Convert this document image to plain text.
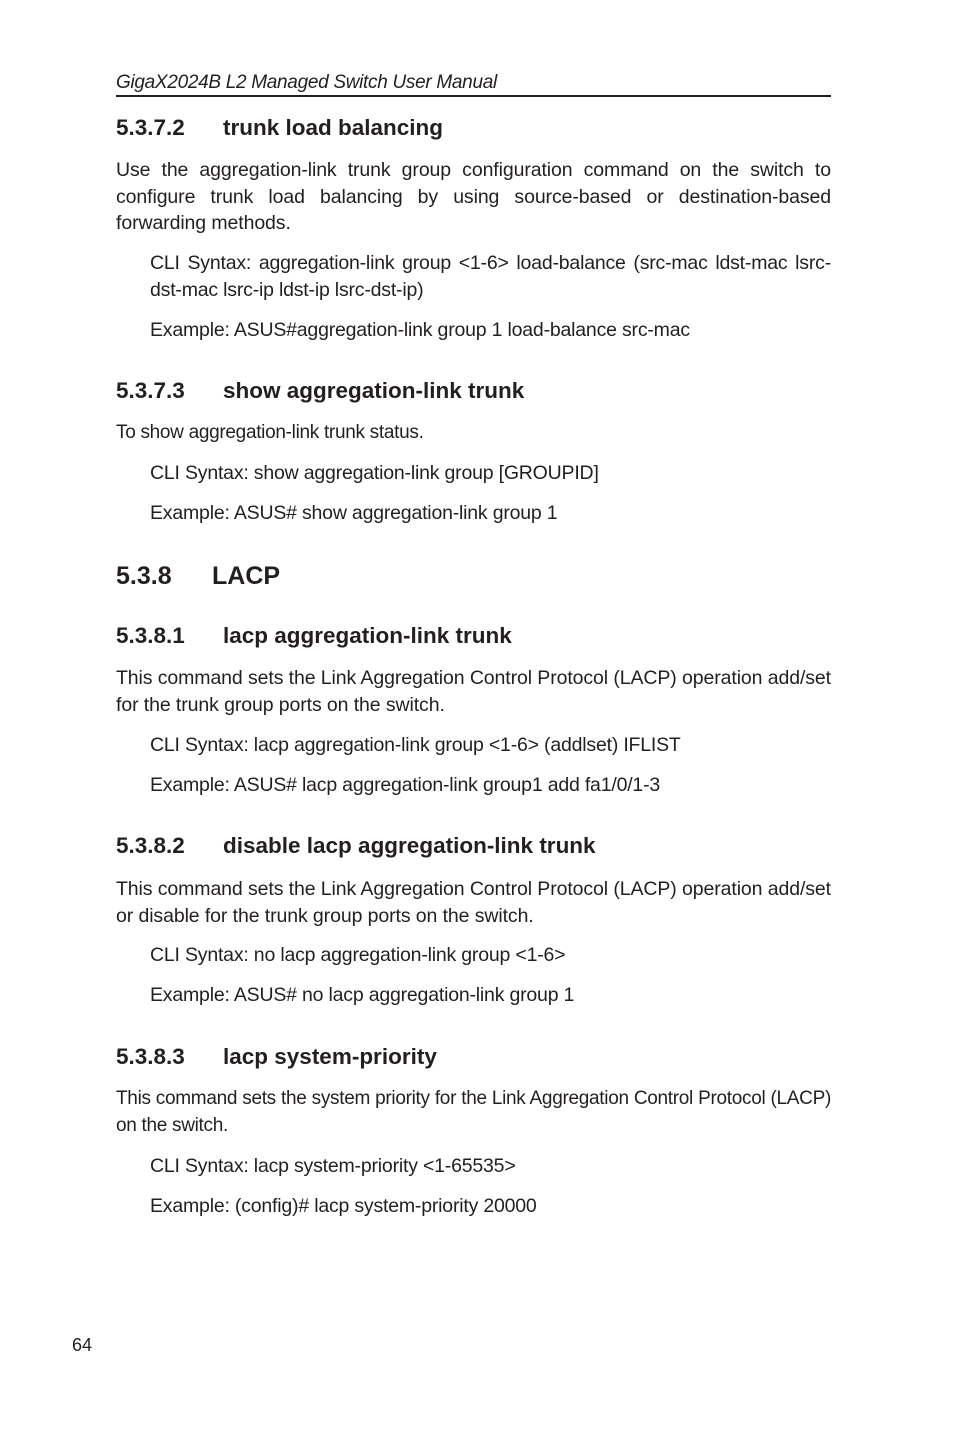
GigaX2024B L2 Managed Switch User Manual
5.3.7.2 trunk load balancing
Use the aggregation-link trunk group configuration command on the switch to configure trunk load balancing by using source-based or destination-based forwarding methods.
CLI Syntax: aggregation-link group <1-6> load-balance (src-mac ldst-mac lsrc-dst-mac lsrc-ip ldst-ip lsrc-dst-ip)
Example: ASUS#aggregation-link group 1 load-balance src-mac
5.3.7.3 show aggregation-link trunk
To show aggregation-link trunk status.
CLI Syntax: show aggregation-link group [GROUPID]
Example: ASUS# show aggregation-link group 1
5.3.8 LACP
5.3.8.1 lacp aggregation-link trunk
This command sets the Link Aggregation Control Protocol (LACP) operation add/set for the trunk group ports on the switch.
CLI Syntax: lacp aggregation-link group <1-6> (addlset) IFLIST
Example: ASUS# lacp aggregation-link group1 add fa1/0/1-3
5.3.8.2 disable lacp aggregation-link trunk
This command sets the Link Aggregation Control Protocol (LACP) operation add/set or disable for the trunk group ports on the switch.
CLI Syntax: no lacp aggregation-link group <1-6>
Example: ASUS# no lacp aggregation-link group 1
5.3.8.3 lacp system-priority
This command sets the system priority for the Link Aggregation Control Protocol (LACP) on the switch.
CLI Syntax: lacp system-priority <1-65535>
Example: (config)# lacp system-priority 20000
64
